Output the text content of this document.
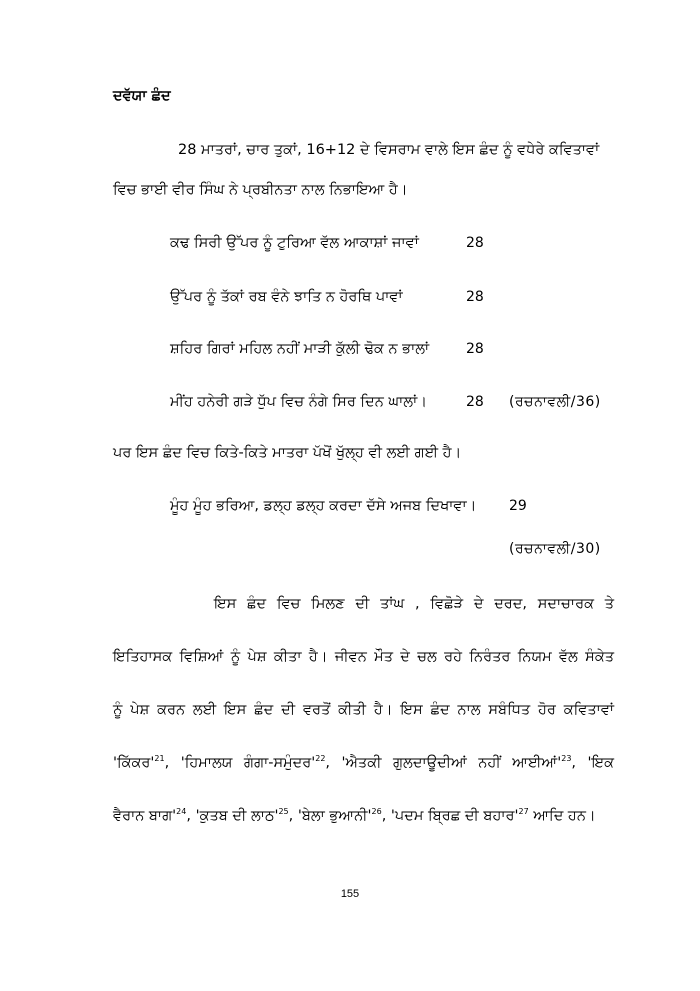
ਦਵੱਯਾ ਛੰਦ
28 ਮਾਤਰਾਂ, ਚਾਰ ਤੁਕਾਂ, 16+12 ਦੇ ਵਿਸਰਾਮ ਵਾਲੇ ਇਸ ਛੰਦ ਨੂੰ ਵਧੇਰੇ ਕਵਿਤਾਵਾਂ
ਵਿਚ ਭਾਈ ਵੀਰ ਸਿੰਘ ਨੇ ਪ੍ਰਬੀਨਤਾ ਨਾਲ ਨਿਭਾਇਆ ਹੈ।
ਕਢ ਸਿਰੀ ਉੱਪਰ ਨੂੰ ਟੁਰਿਆ ਵੱਲ ਆਕਾਸ਼ਾਂ ਜਾਵਾਂ	28
ਉੱਪਰ ਨੂੰ ਤੱਕਾਂ ਰਬ ਵੰਨੇ ਝਾਤਿ ਨ ਹੋਰਥਿ ਪਾਵਾਂ	28
ਸ਼ਹਿਰ ਗਿਰਾਂ ਮਹਿਲ ਨਹੀਂ ਮਾੜੀ ਕੁੱਲੀ ਢੋਕ ਨ ਭਾਲਾਂ	28
ਮੀਂਹ ਹਨੇਰੀ ਗੜੇ ਧੁੱਪ ਵਿਚ ਨੰਗੇ ਸਿਰ ਦਿਨ ਘਾਲਾਂ।	28 (ਰਚਨਾਵਲੀ/36)
ਪਰ ਇਸ ਛੰਦ ਵਿਚ ਕਿਤੇ-ਕਿਤੇ ਮਾਤਰਾ ਪੱਖੋਂ ਖੁੱਲ੍ਹ ਵੀ ਲਈ ਗਈ ਹੈ।
ਮੂੰਹ ਮੂੰਹ ਭਰਿਆ, ਡਲ੍ਹ ਡਲ੍ਹ ਕਰਦਾ ਦੱਸੇ ਅਜਬ ਦਿਖਾਵਾ। 29
(ਰਚਨਾਵਲੀ/30)
ਇਸ ਛੰਦ ਵਿਚ ਮਿਲਣ ਦੀ ਤਾਂਘ , ਵਿਛੋੜੇ ਦੇ ਦਰਦ, ਸਦਾਚਾਰਕ ਤੇ
ਇਤਿਹਾਸਕ ਵਿਸ਼ਿਆਂ ਨੂੰ ਪੇਸ਼ ਕੀਤਾ ਹੈ। ਜੀਵਨ ਮੌਤ ਦੇ ਚਲ ਰਹੇ ਨਿਰੰਤਰ ਨਿਯਮ ਵੱਲ ਸੰਕੇਤ
ਨੂੰ ਪੇਸ਼ ਕਰਨ ਲਈ ਇਸ ਛੰਦ ਦੀ ਵਰਤੋਂ ਕੀਤੀ ਹੈ। ਇਸ ਛੰਦ ਨਾਲ ਸਬੰਧਿਤ ਹੋਰ ਕਵਿਤਾਵਾਂ
'$ਕਿੱਕਰ'^{21}$, 'ਹਿਮਾਲਯ $ਗੰਗਾ-ਸਮੁੰਦਰ'^{22}$, 'ਐਤਕੀ ਗੁਲਦਾਊਦੀਆਂ ਨਹੀਂ $ਆਈਆਂ'^{23}$, 'ਇਕ
ਵੈਰਾਨ $ਬਾਗ'^{24}$, 'ਕੁਤਬ ਦੀ $ਲਾਠ'^{25}$, 'ਬੇਲਾ $ਭੁਆਨੀ'^{26}$, 'ਪਦਮ ਬ੍ਰਿਛ ਦੀ $ਬਹਾਰ'^{27}$ ਆਦਿ ਹਨ।
155
